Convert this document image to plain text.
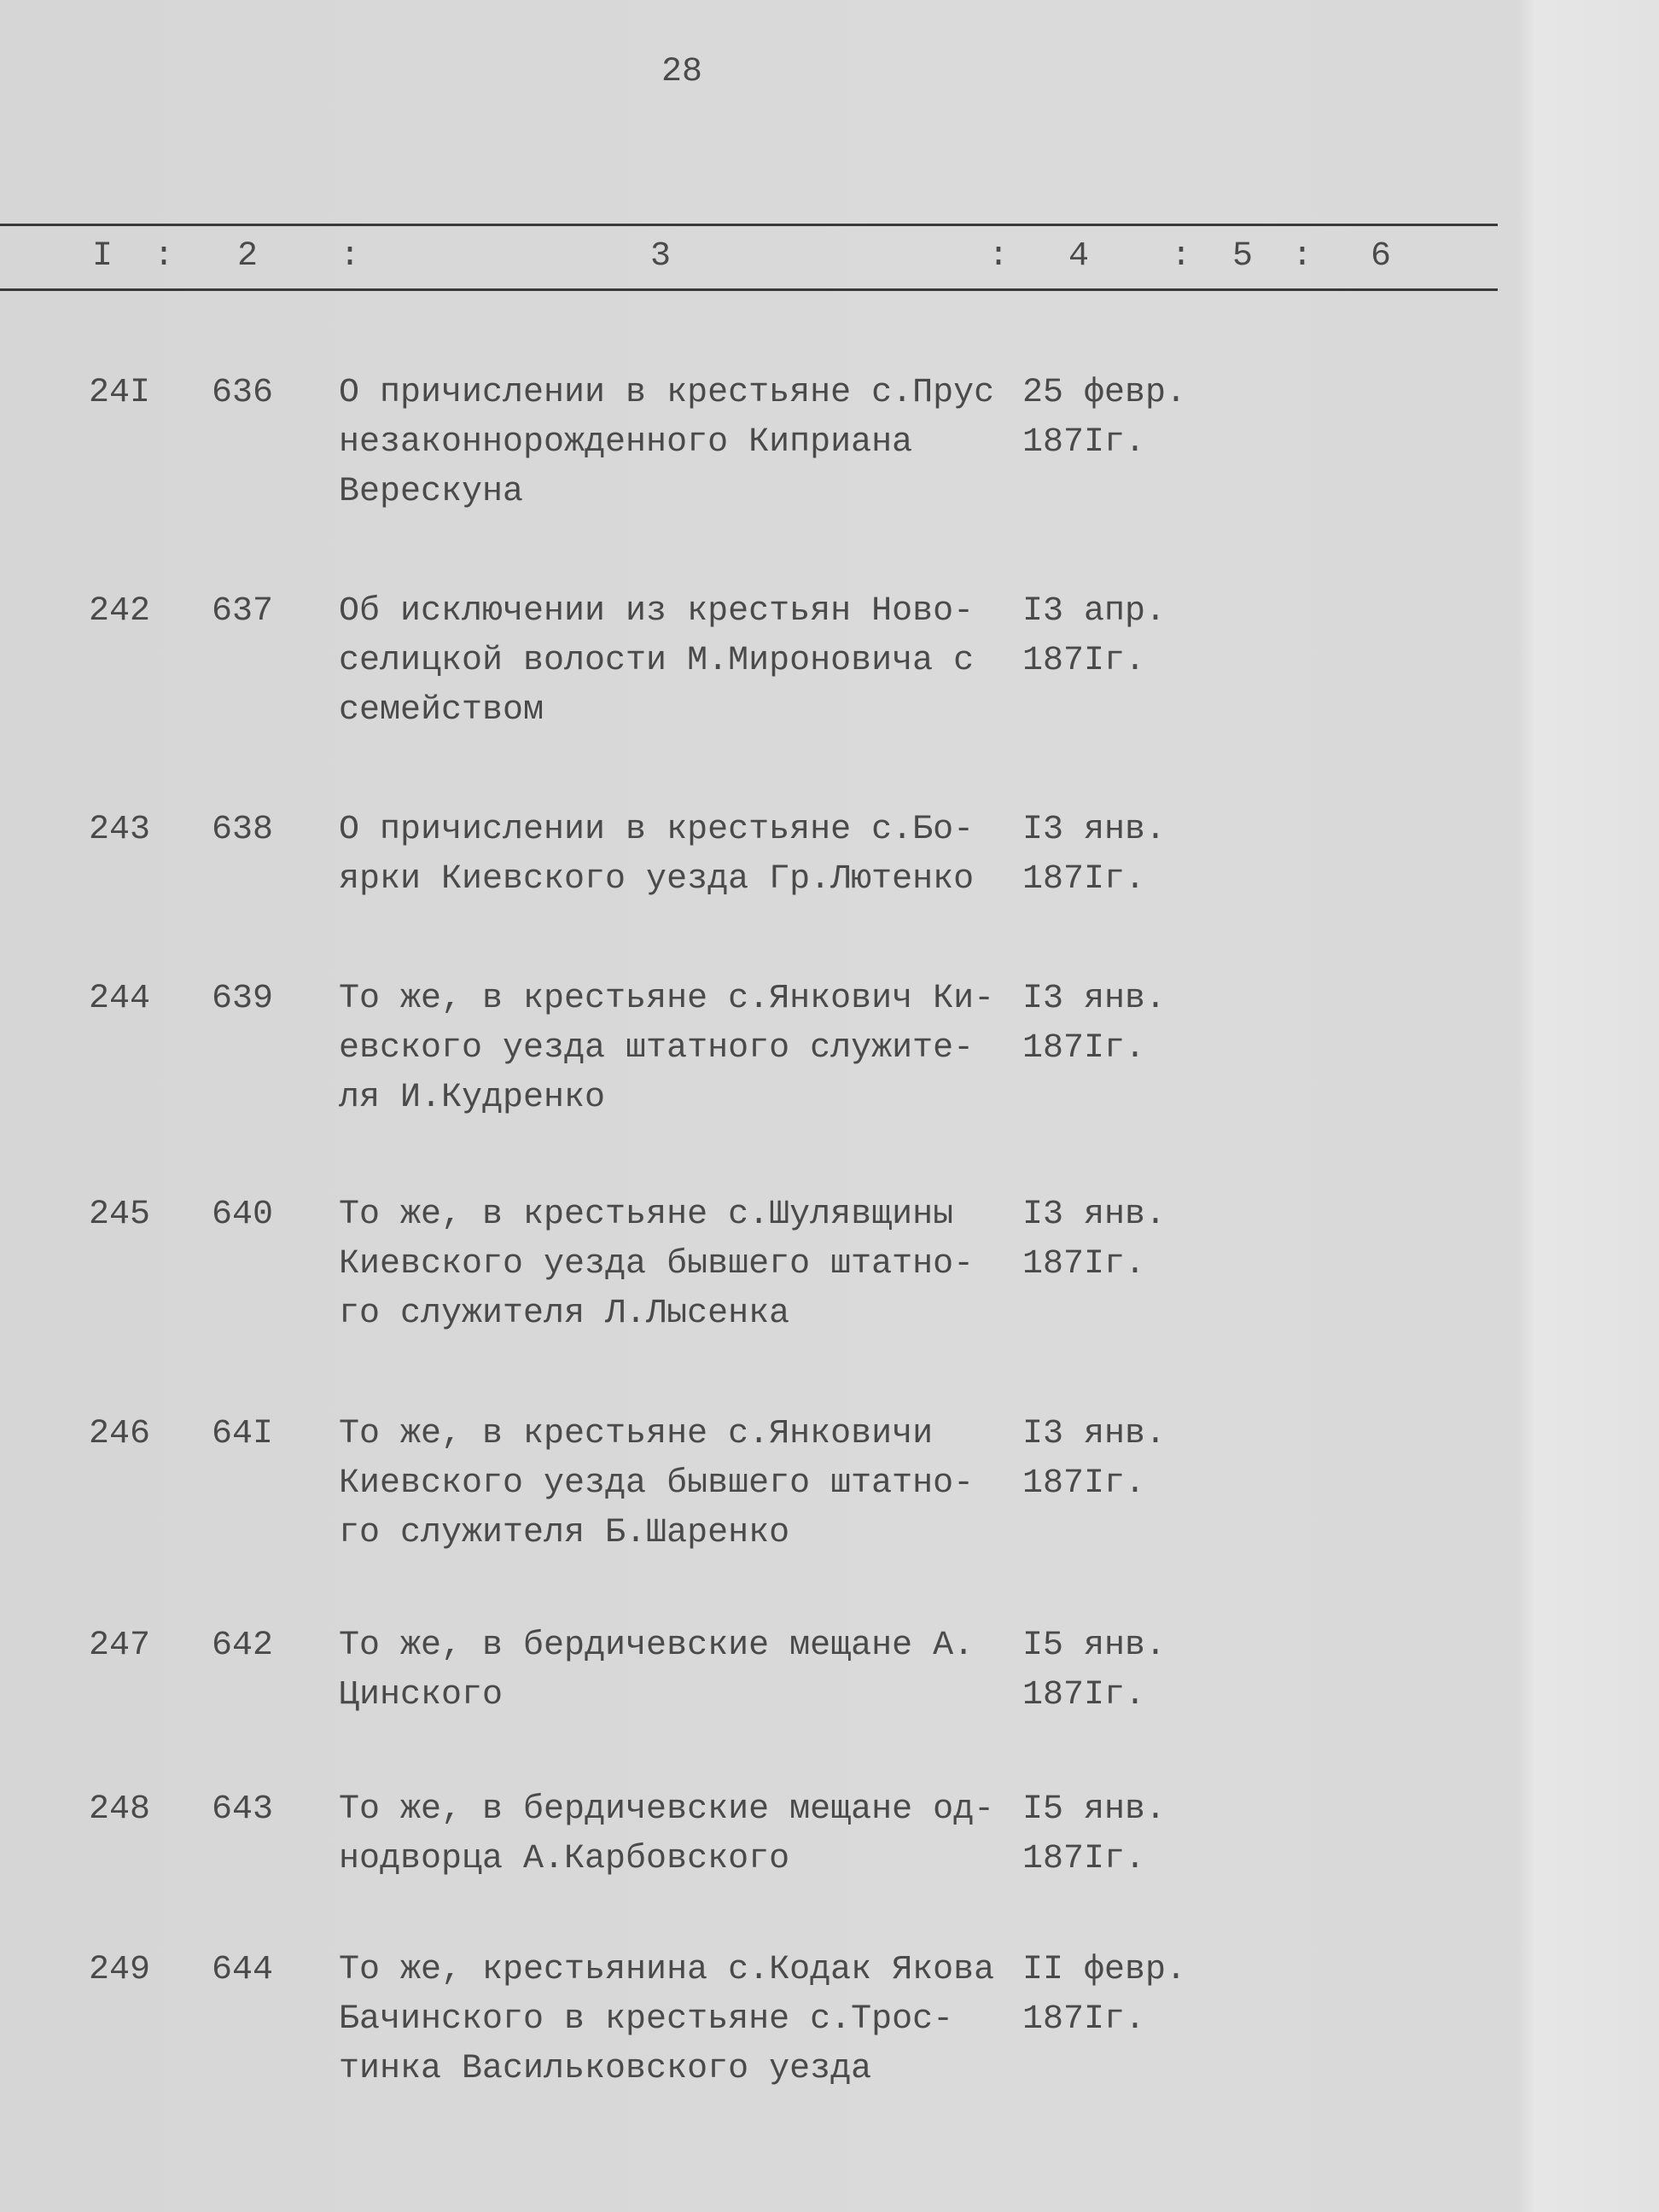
28
I : 2 :	3	: 4 : 5 : 6
24I 636 О причислении в крестьяне с.Прус
незаконнорожденного Киприана
Верескуна
25 февр.
187Iг.
242 637 Об исключении из крестьян Ново-
селицкой волости М.Мироновича с
семейством
I3 апр.
187Iг.
243 638 О причислении в крестьяне с.Бо-
ярки Киевского уезда Гр.Лютенко
I3 янв.
187Iг.
244 639 То же, в крестьяне с.Янкович Ки-
евского уезда штатного служите-
ля И.Кудренко
I3 янв.
187Iг.
245 640 То же, в крестьяне с.Шулявщины
Киевского уезда бывшего штатно-
го служителя Л.Лысенка
I3 янв.
187Iг.
246 64I То же, в крестьяне с.Янковичи
Киевского уезда бывшего штатно-
го служителя Б.Шаренко
I3 янв.
187Iг.
247 642 То же, в бердичевские мещане А.
Цинского
I5 янв.
187Iг.
248 643 То же, в бердичевские мещане од-
нодворца А.Карбовского
I5 янв.
187Iг.
249 644 То же, крестьянина с.Кодак Якова
Бачинского в крестьяне с.Трос-
тинка Васильковского уезда
II февр.
187Iг.
